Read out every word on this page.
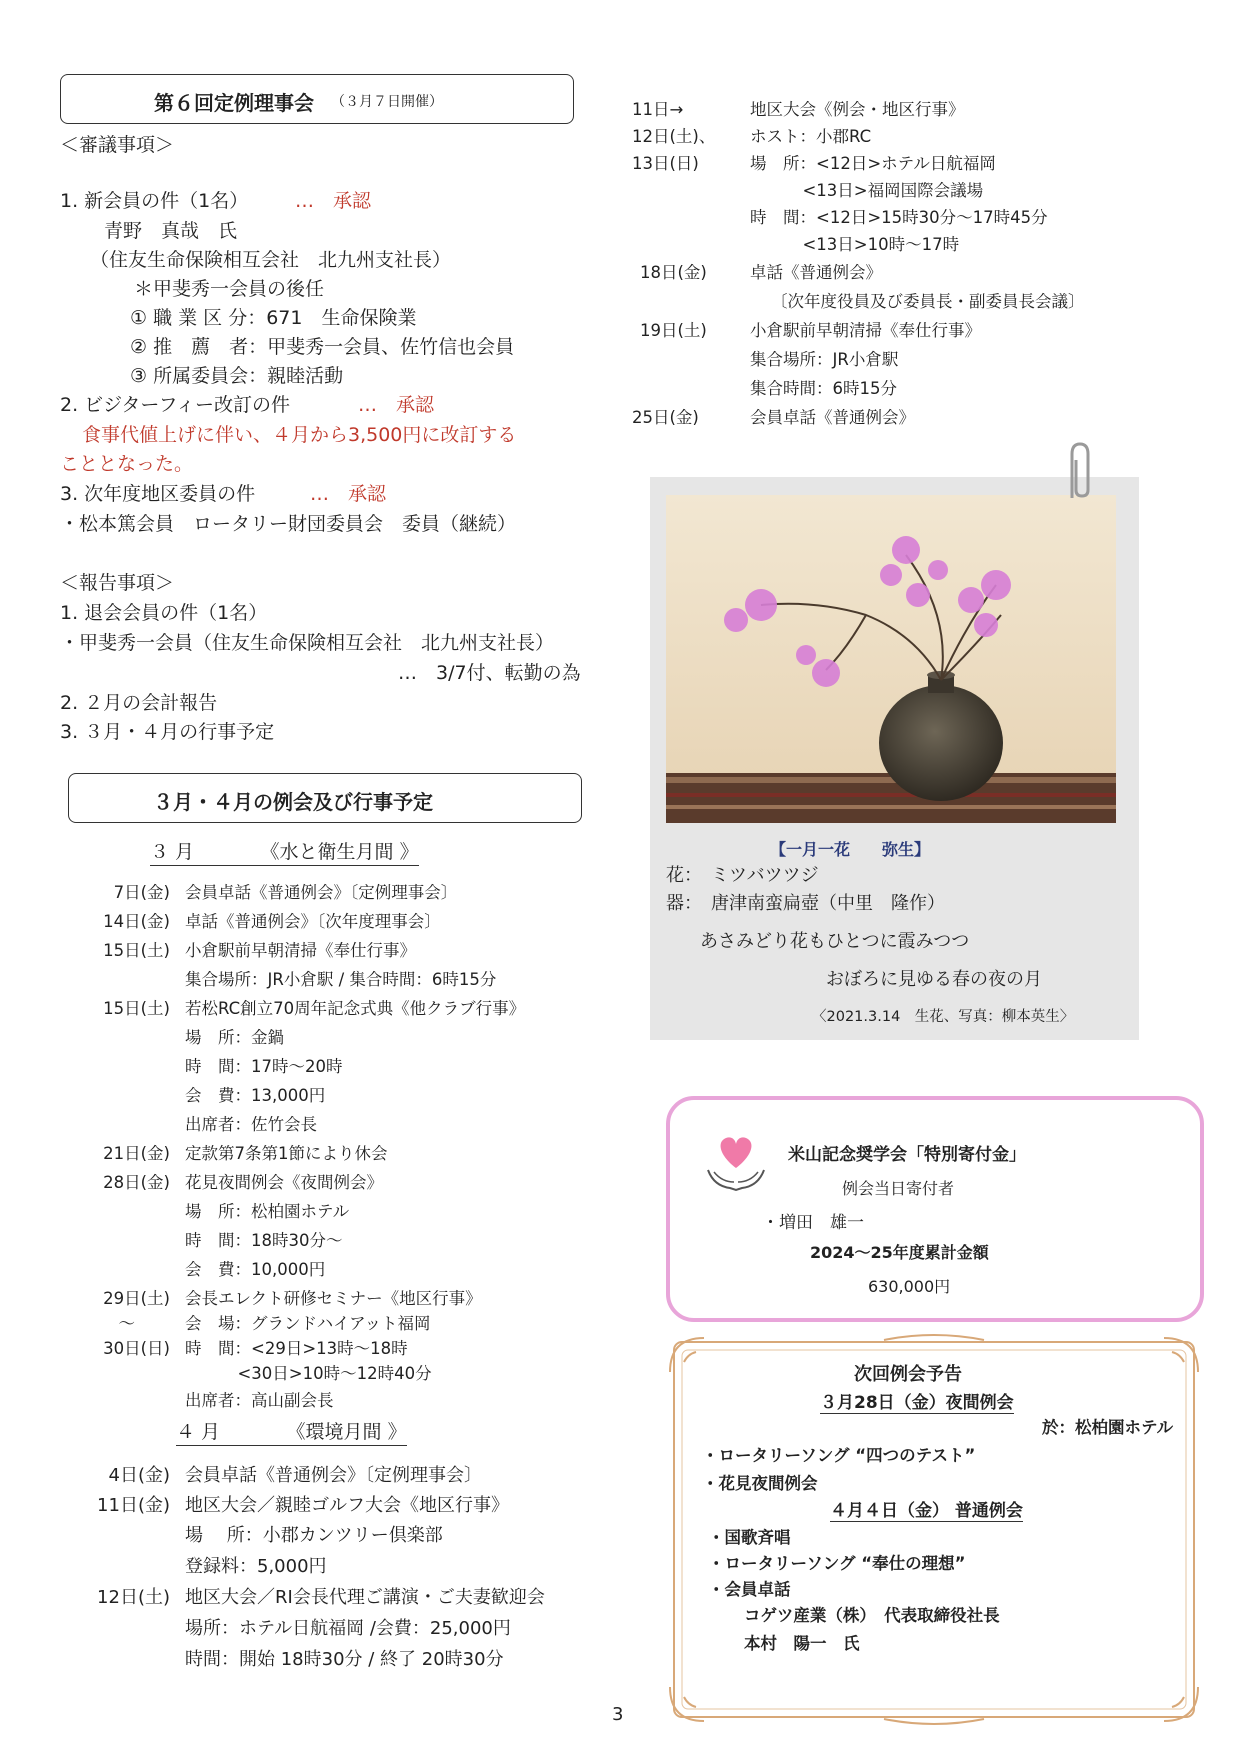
第６回定例理事会 （３月７日開催）
＜審議事項＞
1. 新会員の件（1名） …　承認
青野　真哉　氏
（住友生命保険相互会社　北九州支社長）
＊甲斐秀一会員の後任
① 職 業 区 分：671　生命保険業
② 推　薦　者：甲斐秀一会員、佐竹信也会員
③ 所属委員会：親睦活動
2. ビジターフィー改訂の件	…　承認
食事代値上げに伴い、４月から3,500円に改訂する
こととなった。
3. 次年度地区委員の件	…　承認
・松本篤会員　ロータリー財団委員会　委員（継続）
＜報告事項＞
1. 退会会員の件（1名）
・甲斐秀一会員（住友生命保険相互会社　北九州支社長）
…　3/7付、転勤の為
2. ２月の会計報告
3. ３月・４月の行事予定
３月・４月の例会及び行事予定
３ 月　　　　《水と衛生月間 》
7日(金) 会員卓話《普通例会》〔定例理事会〕
14日(金) 卓話《普通例会》〔次年度理事会〕
15日(土) 小倉駅前早朝清掃《奉仕行事》
集合場所：JR小倉駅 / 集合時間：6時15分
15日(土) 若松RC創立70周年記念式典《他クラブ行事》
場　所：金鍋
時　間：17時〜20時
会　費：13,000円
出席者：佐竹会長
21日(金) 定款第7条第1節により休会
28日(金) 花見夜間例会《夜間例会》
場　所：松柏園ホテル
時　間：18時30分〜
会　費：10,000円
29日(土) 会長エレクト研修セミナー《地区行事》
〜	会　場：グランドハイアット福岡
30日(日) 時　間：<29日>13時〜18時
<30日>10時〜12時40分
出席者：高山副会長
４ 月　　　　《環境月間 》
4日(金) 会員卓話《普通例会》〔定例理事会〕
11日(金) 地区大会／親睦ゴルフ大会《地区行事》
場　 所：小郡カンツリー倶楽部
登録料：5,000円
12日(土) 地区大会／RI会長代理ご講演・ご夫妻歓迎会
場所：ホテル日航福岡 /会費：25,000円
時間：開始 18時30分 / 終了 20時30分
11日→	地区大会《例会・地区行事》
12日(土)、 ホスト：小郡RC
13日(日)	場　所：<12日>ホテル日航福岡
<13日>福岡国際会議場
時　間：<12日>15時30分〜17時45分
<13日>10時〜17時
18日(金)	卓話《普通例会》
〔次年度役員及び委員長・副委員長会議〕
19日(土)	小倉駅前早朝清掃《奉仕行事》
集合場所：JR小倉駅
集合時間：6時15分
25日(金)	会員卓話《普通例会》
【一月一花　　弥生】
花：　ミツバツツジ
器：　唐津南蛮扁壺（中里　隆作）
あさみどり花もひとつに霞みつつ
おぼろに見ゆる春の夜の月
〈2021.3.14　生花、写真：柳本英生〉
米山記念奨学会「特別寄付金」
例会当日寄付者
・増田　雄一
2024〜25年度累計金額
630,000円
次回例会予告
３月28日（金）夜間例会
於：松柏園ホテル
・ロータリーソング “四つのテスト”
・花見夜間例会
４月４日（金） 普通例会
・国歌斉唱
・ロータリーソング “奉仕の理想”
・会員卓話
コゲツ産業（株）　代表取締役社長
本村　陽一　氏
3
